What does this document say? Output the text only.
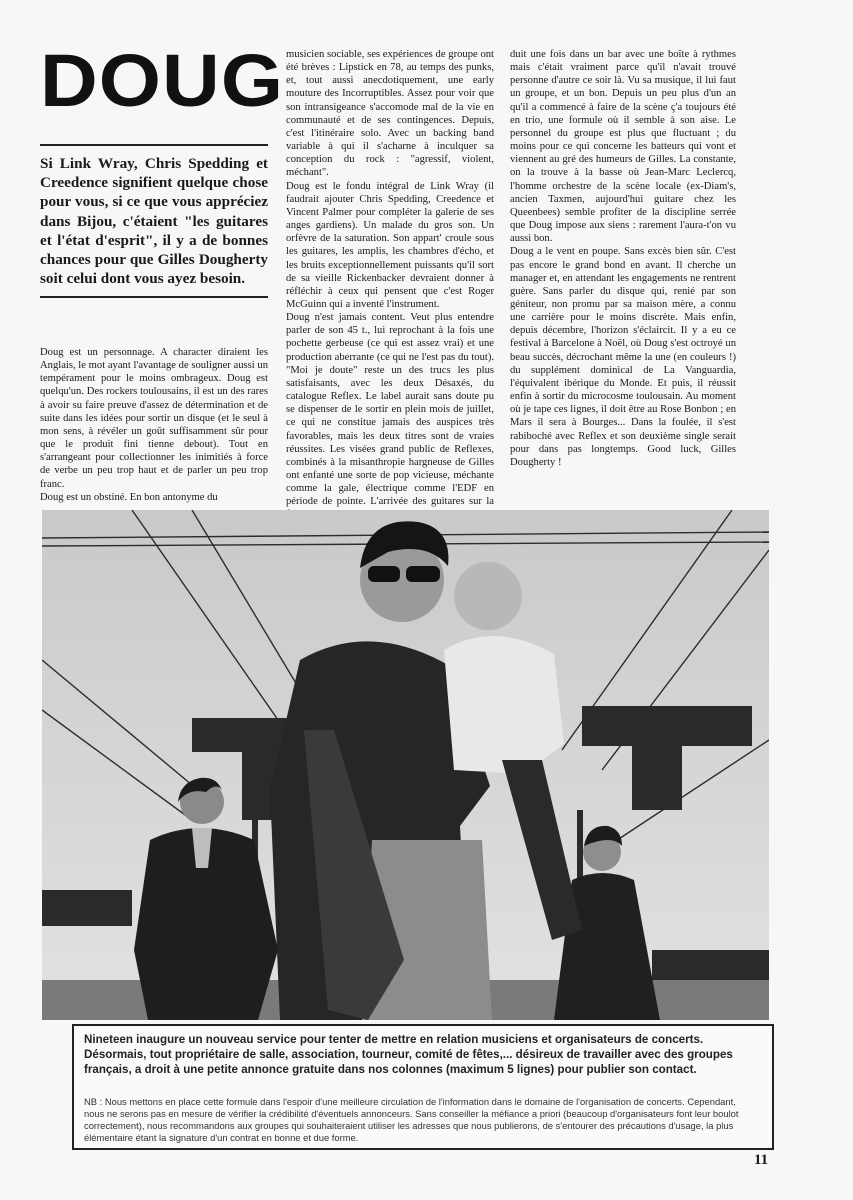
DOUG
Si Link Wray, Chris Spedding et Creedence signifient quelque chose pour vous, si ce que vous appréciez dans Bijou, c'étaient "les guitares et l'état d'esprit", il y a de bonnes chances pour que Gilles Dougherty soit celui dont vous ayez besoin.

Doug est un personnage. A character diraient les Anglais, le mot ayant l'avantage de souligner aussi un tempérament pour le moins ombrageux. Doug est quelqu'un. Des rockers toulousains, il est un des rares à avoir su faire preuve d'assez de détermination et de suite dans les idées pour sortir un disque (et le seul à mon sens, à révéler un goût suffisamment sûr pour que le produit fini tienne debout). Tout en s'arrangeant pour collectionner les inimitiés à force de verbe un peu trop haut et de parler un peu trop franc.

Doug est un obstiné. En bon antonyme du

musicien sociable, ses expériences de groupe ont été brèves : Lipstick en 78, au temps des punks, et, tout aussi anecdotiquement, une early mouture des Incorruptibles. Assez pour voir que son intransigeance s'accomode mal de la vie en communauté et de ses contingences. Depuis, c'est l'itinéraire solo. Avec un backing band variable à qui il s'acharne à inculquer sa conception du rock : "agressif, violent, méchant".

Doug est le fondu intégral de Link Wray (il faudrait ajouter Chris Spedding, Creedence et Vincent Palmer pour compléter la galerie de ses anges gardiens). Un malade du gros son. Un orfèvre de la saturation. Son appart' croule sous les guitares, les amplis, les chambres d'écho, et les bruits exceptionnellement puissants qu'il sort de sa vieille Rickenbacker devraient donner à réfléchir à ceux qui pensent que c'est Roger McGuinn qui a inventé l'instrument.

Doug n'est jamais content. Veut plus entendre parler de son 45 t., lui reprochant à la fois une pochette gerbeuse (ce qui est assez vrai) et une production aberrante (ce qui ne l'est pas du tout). "Moi je doute" reste un des trucs les plus satisfaisants, avec les deux Désaxés, du catalogue Reflex. Le label aurait sans doute pu se dispenser de le sortir en plein mois de juillet, ce qui ne constitue jamais des auspices très favorables, mais les deux titres sont de vraies réussites. Les visées grand public de Reflexes, combinés à la misanthropie hargneuse de Gilles ont enfanté une sorte de pop vicieuse, méchante comme la gale, électrique comme l'EDF en période de pointe. L'arrivée des guitares sur la

duit une fois dans un bar avec une boîte à rythmes mais c'était vraiment parce qu'il n'avait trouvé personne d'autre ce soir là. Vu sa musique, il lui faut un groupe, et un bon. Depuis un peu plus d'un an qu'il a commencé à faire de la scène ç'a toujours été en trio, une formule où il semble à son aise. Le personnel du groupe est plus que fluctuant ; du moins pour ce qui concerne les batteurs qui vont et viennent au gré des humeurs de Gilles. La constante, on la trouve à la basse où Jean-Marc Leclercq, l'homme orchestre de la scène locale (ex-Diam's, ancien Taxmen, aujourd'hui guitare chez les Queenbees) semble profiter de la discipline serrée que Doug impose aux siens : rarement l'aura-t'on vu aussi bon.

Doug a le vent en poupe. Sans excès bien sûr. C'est pas encore le grand bond en avant. Il cherche un manager et, en attendant les engagements ne rentrent guère. Sans parler du disque qui, renié par son géniteur, non promu par sa maison mère, a connu une carrière pour le moins discrète. Mais enfin, depuis décembre, l'horizon s'éclaircit. Il y a eu ce festival à Barcelone à Noël, où Doug s'est octroyé un beau succès, décrochant même la une (en couleurs !) du supplément dominical de La Vanguardia, l'équivalent ibérique du Monde. Et puis, il réussit enfin à sortir du microcosme toulousain. Au moment où je tape ces lignes, il doit être au Rose Bonbon ; en Mars il sera à Bourges... Dans la foulée, il s'est rabiboché avec Reflex et son deuxième single serait pour dans pas longtemps. Good luck, Gilles Dougherty !

Nineteen inaugure un nouveau service pour tenter de mettre en relation musiciens et organisateurs de concerts. Désormais, tout propriétaire de salle, association, tourneur, comité de fêtes,... désireux de travailler avec des groupes français, a droit à une petite annonce gratuite dans nos colonnes (maximum 5 lignes) pour publier son contact.
NB : Nous mettons en place cette formule dans l'espoir d'une meilleure circulation de l'information dans le domaine de l'organisation de concerts. Cependant, nous ne serons pas en mesure de vérifier la crédibilité d'éventuels annonceurs. Sans conseiller la méfiance a priori (beaucoup d'organisateurs font leur boulot correctement), nous recommandons aux groupes qui souhaiteraient utiliser les adresses que nous publierons, de s'entourer des précautions d'usage, la plus élémentaire étant la signature d'un contrat en bonne et due forme.
11
